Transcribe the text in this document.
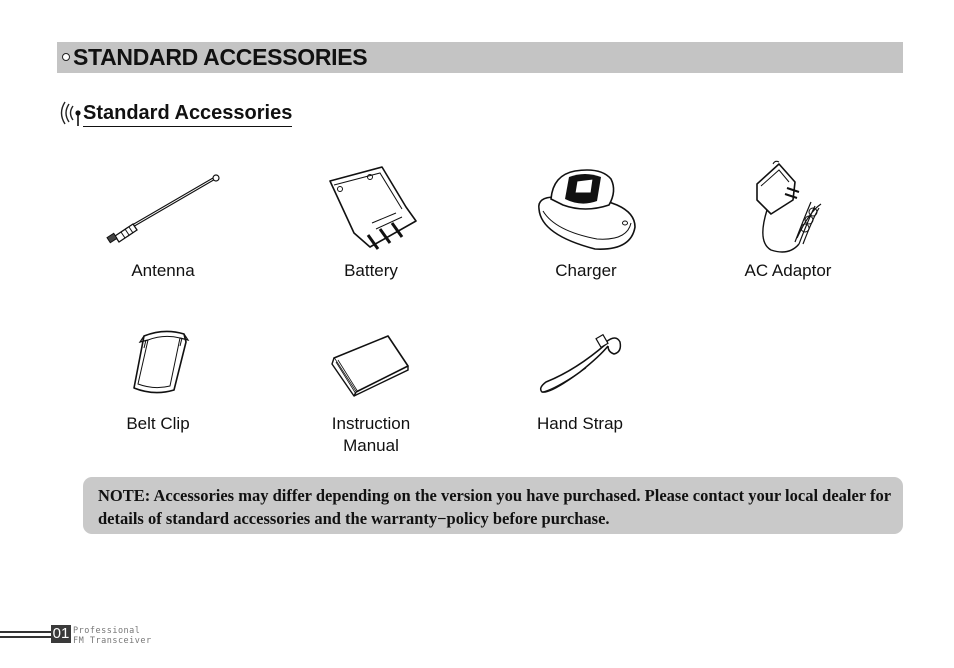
STANDARD ACCESSORIES
Standard Accessories
Antenna	Battery	Charger	AC Adaptor
Belt Clip	Instruction
Manual
Hand Strap
NOTE: Accessories may differ depending on the version you have purchased. Please contact your local dealer for details of standard accessories and the warranty−policy before purchase.
01 Professional
FM Transceiver
